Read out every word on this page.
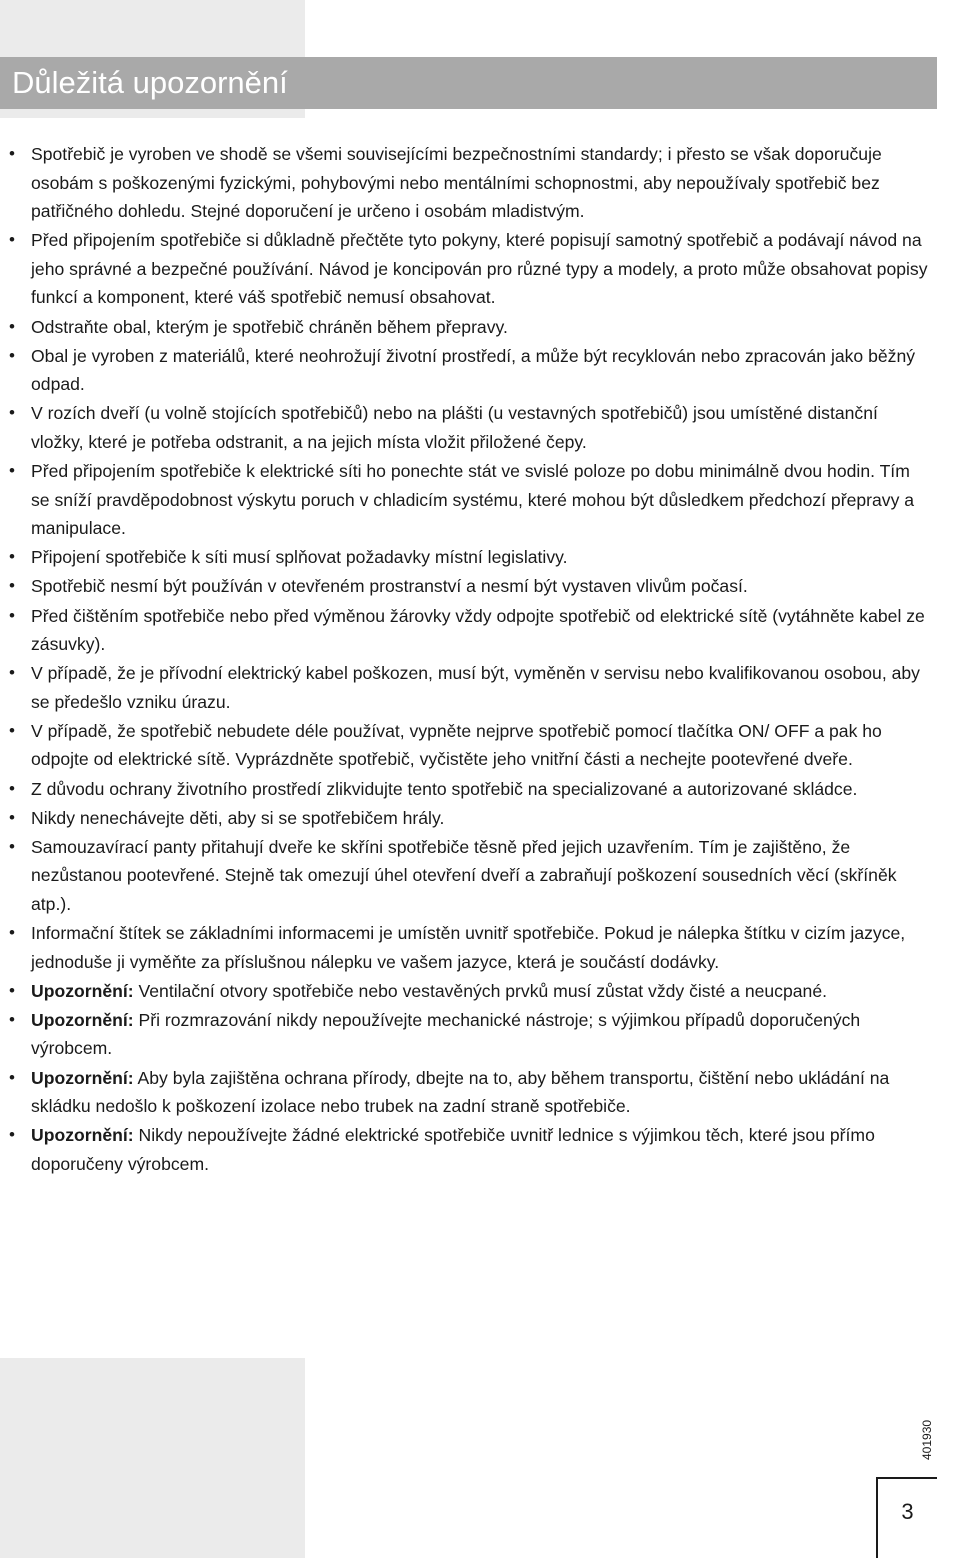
Důležitá upozornění
• Spotřebič je vyroben ve shodě se všemi souvisejícími bezpečnostními standardy; i přesto se však doporučuje osobám s poškozenými fyzickými, pohybovými nebo mentálními schopnostmi, aby nepoužívaly spotřebič bez patřičného dohledu. Stejné doporučení je určeno i osobám mladistvým.
• Před připojením spotřebiče si důkladně přečtěte tyto pokyny, které popisují samotný spotřebič a podávají návod na jeho správné a bezpečné používání. Návod je koncipován pro různé typy a modely, a proto může obsahovat popisy funkcí a komponent, které váš spotřebič nemusí obsahovat.
• Odstraňte obal, kterým je spotřebič chráněn během přepravy.
• Obal je vyroben z materiálů, které neohrožují životní prostředí, a může být recyklován nebo zpracován jako běžný odpad.
• V rozích dveří (u volně stojících spotřebičů) nebo na plášti (u vestavných spotřebičů) jsou umístěné distanční vložky, které je potřeba odstranit, a na jejich místa vložit přiložené čepy.
• Před připojením spotřebiče k elektrické síti ho ponechte stát ve svislé poloze po dobu minimálně dvou hodin. Tím se sníží pravděpodobnost výskytu poruch v chladicím systému, které mohou být důsledkem předchozí přepravy a manipulace.
• Připojení spotřebiče k síti musí splňovat požadavky místní legislativy.
• Spotřebič nesmí být používán v otevřeném prostranství a nesmí být vystaven vlivům počasí.
• Před čištěním spotřebiče nebo před výměnou žárovky vždy odpojte spotřebič od elektrické sítě (vytáhněte kabel ze zásuvky).
• V případě, že je přívodní elektrický kabel poškozen, musí být, vyměněn v servisu nebo kvalifikovanou osobou, aby se předešlo vzniku úrazu.
• V případě, že spotřebič nebudete déle používat, vypněte nejprve spotřebič pomocí tlačítka ON/ OFF a pak ho odpojte od elektrické sítě. Vyprázdněte spotřebič, vyčistěte jeho vnitřní části a nechejte pootevřené dveře.
• Z důvodu ochrany životního prostředí zlikvidujte tento spotřebič na specializované a autorizované skládce.
• Nikdy nenechávejte děti, aby si se spotřebičem hrály.
• Samouzavírací panty přitahují dveře ke skříni spotřebiče těsně před jejich uzavřením. Tím je zajištěno, že nezůstanou pootevřené. Stejně tak omezují úhel otevření dveří a zabraňují poškození sousedních věcí (skříněk atp.).
• Informační štítek se základními informacemi je umístěn uvnitř spotřebiče. Pokud je nálepka štítku v cizím jazyce, jednoduše ji vyměňte za příslušnou nálepku ve vašem jazyce, která je součástí dodávky.
• Upozornění: Ventilační otvory spotřebiče nebo vestavěných prvků musí zůstat vždy čisté a neucpané.
• Upozornění: Při rozmrazování nikdy nepoužívejte mechanické nástroje; s výjimkou případů doporučených výrobcem.
• Upozornění: Aby byla zajištěna ochrana přírody, dbejte na to, aby během transportu, čištění nebo ukládání na skládku nedošlo k poškození izolace nebo trubek na zadní straně spotřebiče.
• Upozornění: Nikdy nepoužívejte žádné elektrické spotřebiče uvnitř lednice s výjimkou těch, které jsou přímo doporučeny výrobcem.
401930
3
